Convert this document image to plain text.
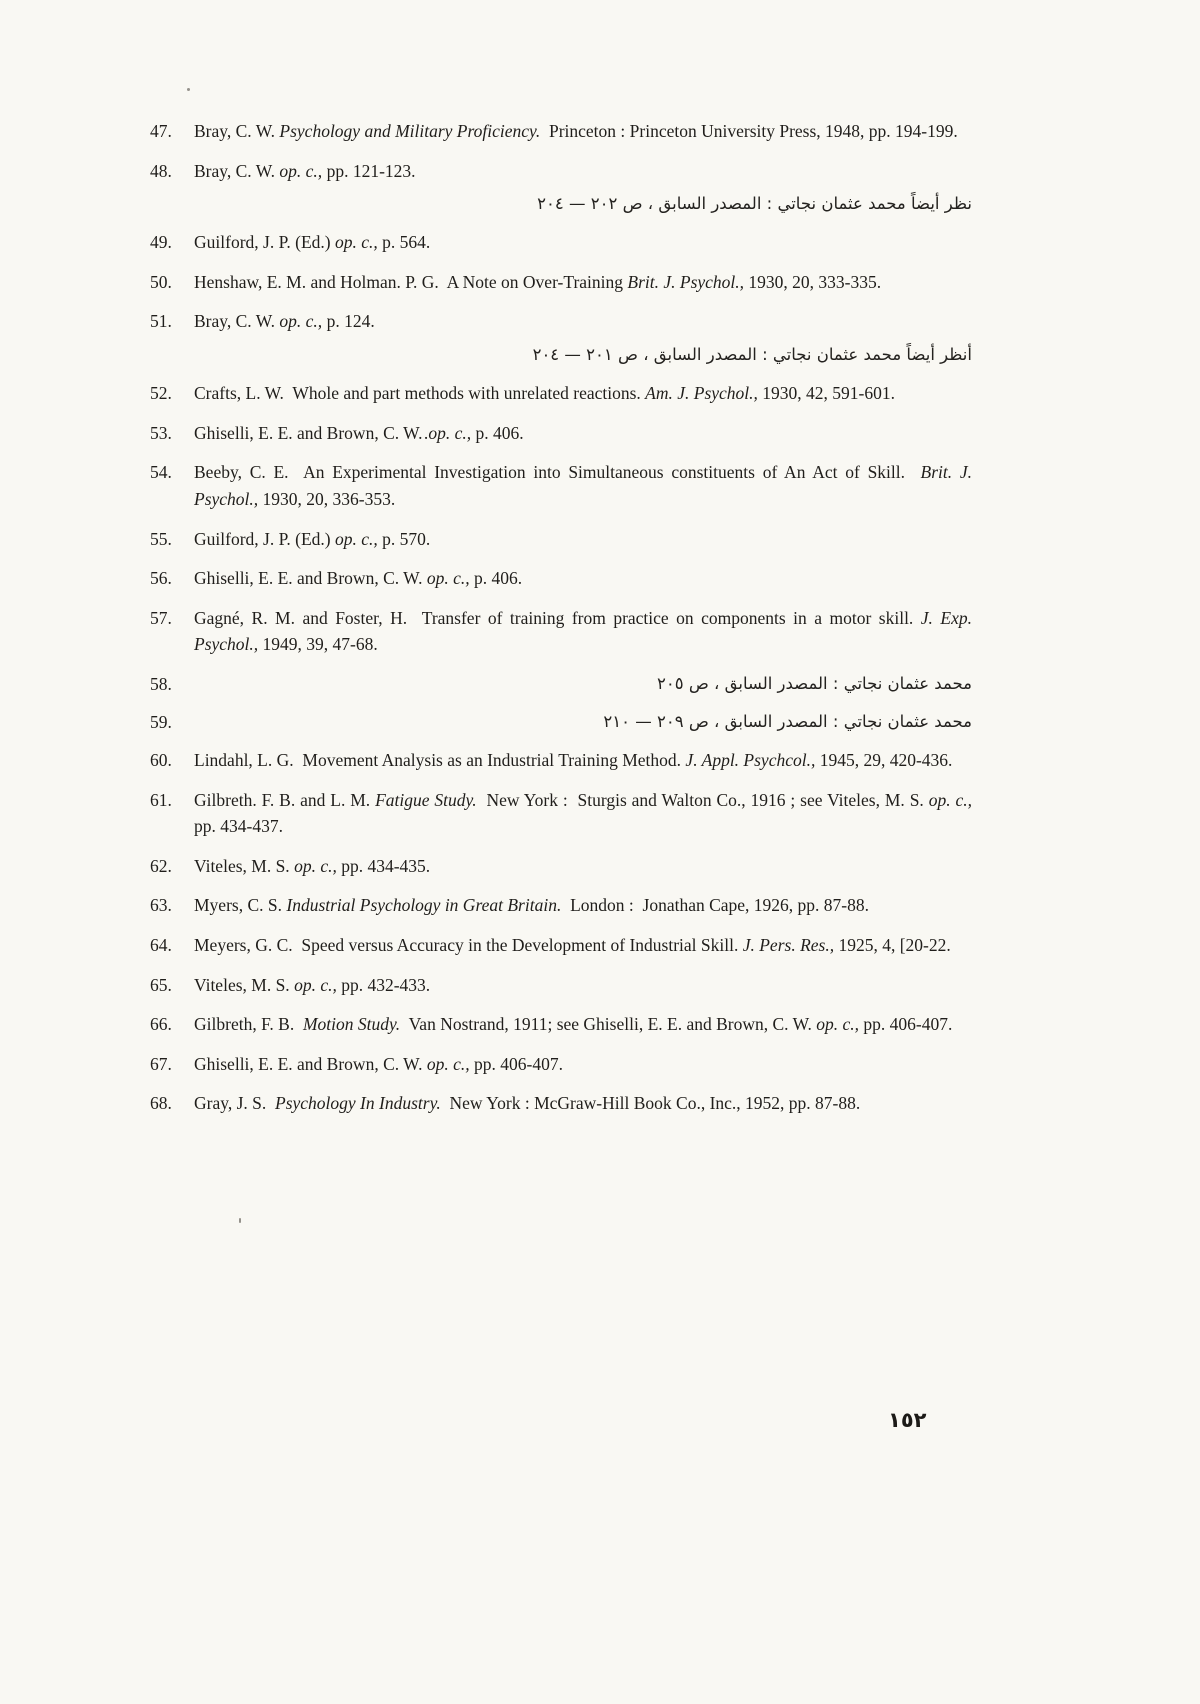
47. Bray, C. W. Psychology and Military Proficiency.  Princeton : Princeton University Press, 1948, pp. 194-199.
48. Bray, C. W. op. c., pp. 121-123.
نظر أيضاً محمد عثمان نجاتي : المصدر السابق ، ص ٢٠٢ — ٢٠٤
49. Guilford, J. P. (Ed.) op. c., p. 564.
50. Henshaw, E. M. and Holman. P. G.  A Note on Over-Training Brit. J. Psychol., 1930, 20, 333-335.
51. Bray, C. W. op. c., p. 124.
أنظر أيضاً محمد عثمان نجاتي : المصدر السابق ، ص ٢٠١ — ٢٠٤
52. Crafts, L. W.  Whole and part methods with unrelated reactions. Am. J. Psychol., 1930, 42, 591-601.
53. Ghiselli, E. E. and Brown, C. W. .op. c., p. 406.
54. Beeby, C. E.  An Experimental Investigation into Simultaneous constituents of An Act of Skill.  Brit. J. Psychol., 1930, 20, 336-353.
55. Guilford, J. P. (Ed.) op. c., p. 570.
56. Ghiselli, E. E. and Brown, C. W. op. c., p. 406.
57. Gagné, R. M. and Foster, H.  Transfer of training from practice on components in a motor skill. J. Exp. Psychol., 1949, 39, 47-68.
58.	محمد عثمان نجاتي : المصدر السابق ، ص ٢٠٥
59.	محمد عثمان نجاتي : المصدر السابق ، ص ٢٠٩ — ٢١٠
60. Lindahl, L. G.  Movement Analysis as an Industrial Training Method. J. Appl. Psychcol., 1945, 29, 420-436.
61. Gilbreth. F. B. and L. M. Fatigue Study.  New York :  Sturgis and Walton Co., 1916 ; see Viteles, M. S. op. c., pp. 434-437.
62. Viteles, M. S. op. c., pp. 434-435.
63. Myers, C. S. Industrial Psychology in Great Britain.  London :  Jonathan Cape, 1926, pp. 87-88.
64. Meyers, G. C.  Speed versus Accuracy in the Development of Industrial Skill. J. Pers. Res., 1925, 4, [20-22.
65. Viteles, M. S. op. c., pp. 432-433.
66. Gilbreth, F. B.  Motion Study.  Van Nostrand, 1911; see Ghiselli, E. E. and Brown, C. W. op. c., pp. 406-407.
67. Ghiselli, E. E. and Brown, C. W. op. c., pp. 406-407.
68. Gray, J. S.  Psychology In Industry.  New York : McGraw-Hill Book Co., Inc., 1952, pp. 87-88.
١٥٢
